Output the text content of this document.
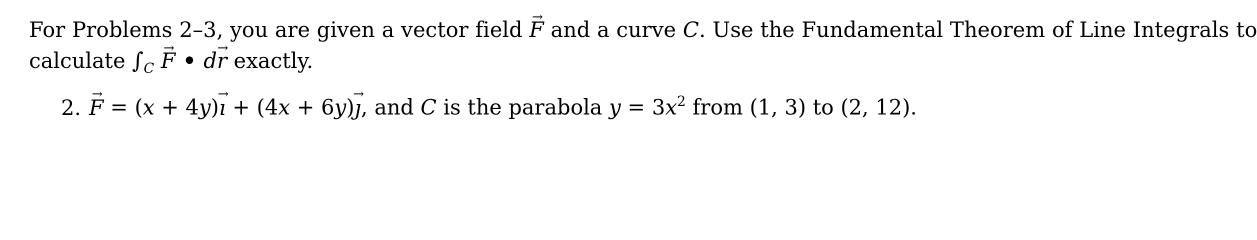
For Problems 2–3, you are given a vector field → F and a curve C. Use the Fundamental Theorem of Line Integrals to
calculate $\int_C \to F$ • d→ r exactly.
2. → F = (x + 4y)→ ı + (4x + 6y)→ ȷ, and C is the parabola $y = 3x^2$ from (1, 3) to (2, 12).
